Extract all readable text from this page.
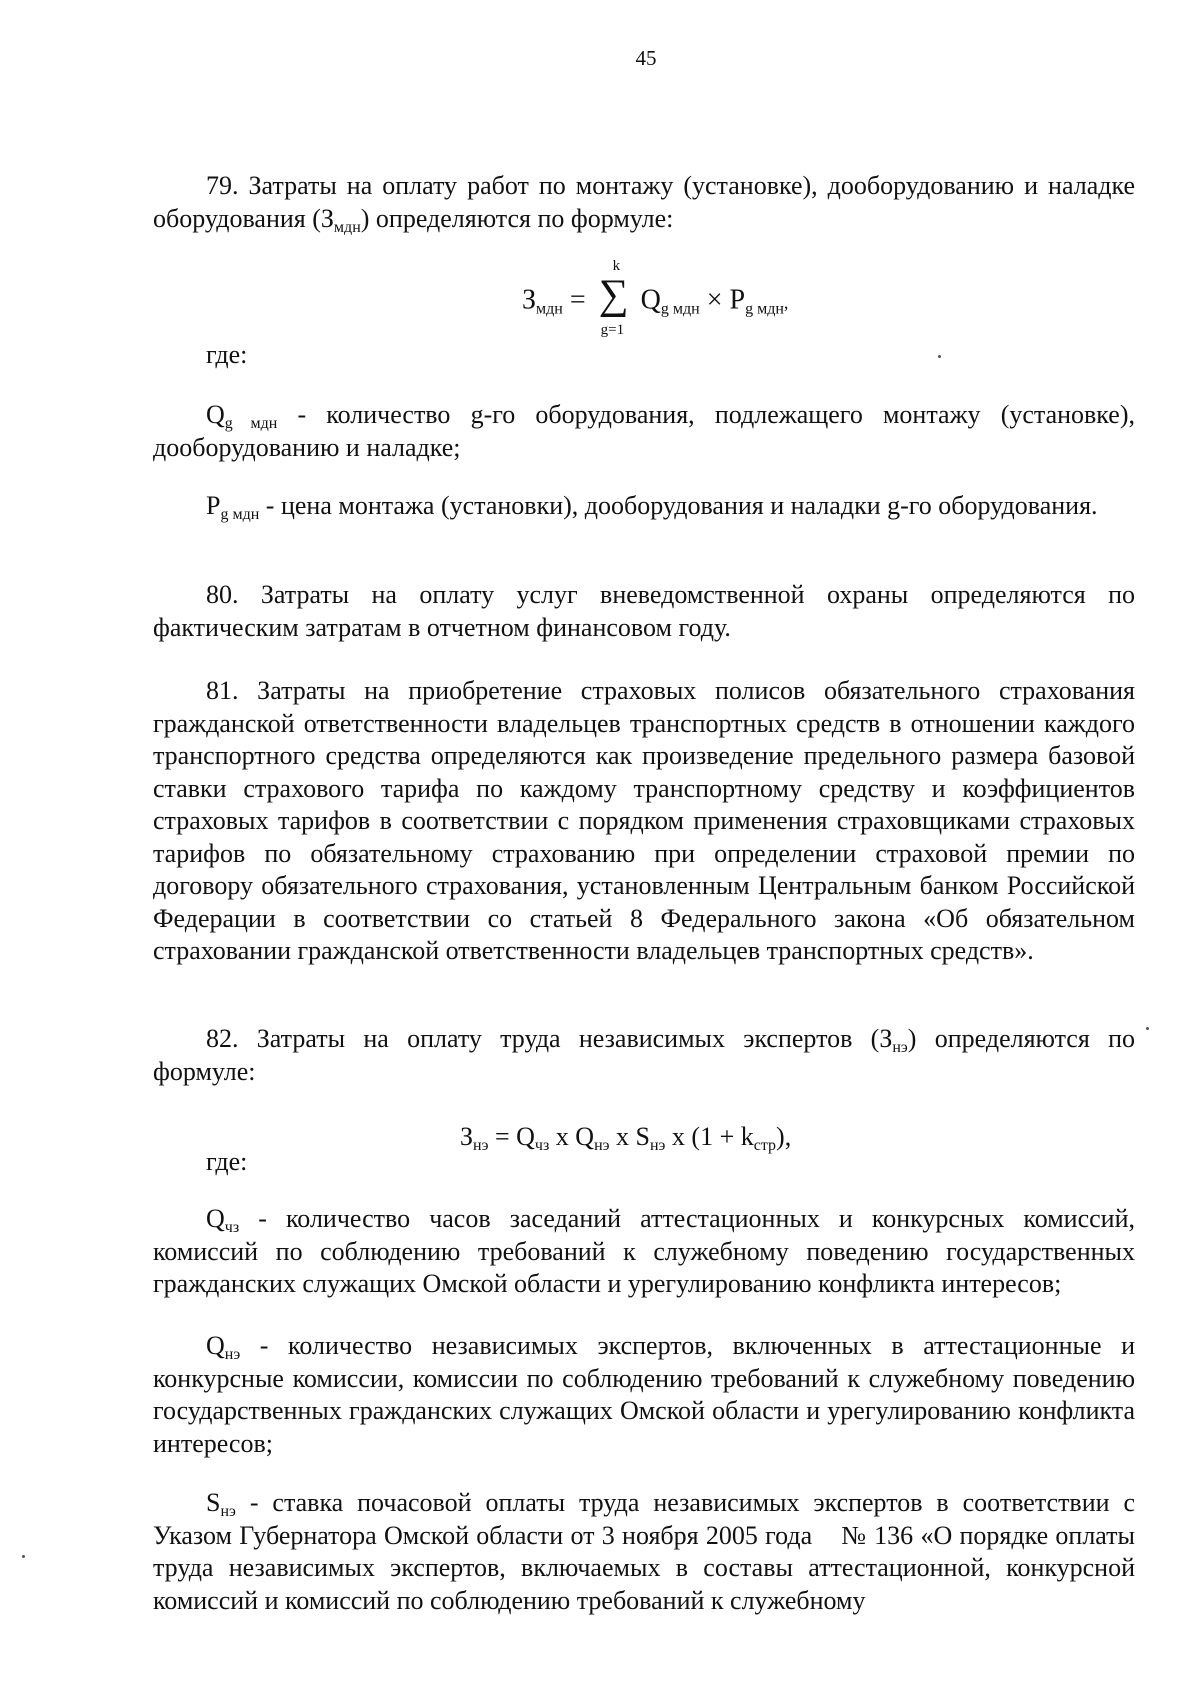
45

79. Затраты на оплату работ по монтажу (установке), дооборудованию и наладке оборудования $(З_{мдн})$ определяются по формуле:

$З_{мдн}$ =
k
∑
g=1
$Q_{g мдн} \times P_{g мдн}$,
где:

$Q_{g мдн}$ - количество g-го оборудования, подлежащего монтажу (установке), дооборудованию и наладке;

$P_{g мдн}$ - цена монтажа (установки), дооборудования и наладки g-го оборудования.

80. Затраты на оплату услуг вневедомственной охраны определяются по фактическим затратам в отчетном финансовом году.

81. Затраты на приобретение страховых полисов обязательного страхования гражданской ответственности владельцев транспортных средств в отношении каждого транспортного средства определяются как произведение предельного размера базовой ставки страхового тарифа по каждому транспортному средству и коэффициентов страховых тарифов в соответствии с порядком применения страховщиками страховых тарифов по обязательному страхованию при определении страховой премии по договору обязательного страхования, установленным Центральным банком Российской Федерации в соответствии со статьей 8 Федерального закона «Об обязательном страховании гражданской ответственности владельцев транспортных средств».

82. Затраты на оплату труда независимых экспертов $(З_{нэ})$ определяются по формуле:

$З_{нэ} = Q_{чз}$ x $Q_{нэ}$ x $S_{нэ}$ x $(1 + k_{стр})$,
где:

$Q_{чз}$ - количество часов заседаний аттестационных и конкурсных комиссий, комиссий по соблюдению требований к служебному поведению государственных гражданских служащих Омской области и урегулированию конфликта интересов;

$Q_{нэ}$ - количество независимых экспертов, включенных в аттестационные и конкурсные комиссии, комиссии по соблюдению требований к служебному поведению государственных гражданских служащих Омской области и урегулированию конфликта интересов;

$S_{нэ}$ - ставка почасовой оплаты труда независимых экспертов в соответствии с Указом Губернатора Омской области от 3 ноября 2005 года    № 136 «О порядке оплаты труда независимых экспертов, включаемых в составы аттестационной, конкурсной комиссий и комиссий по соблюдению требований к служебному
